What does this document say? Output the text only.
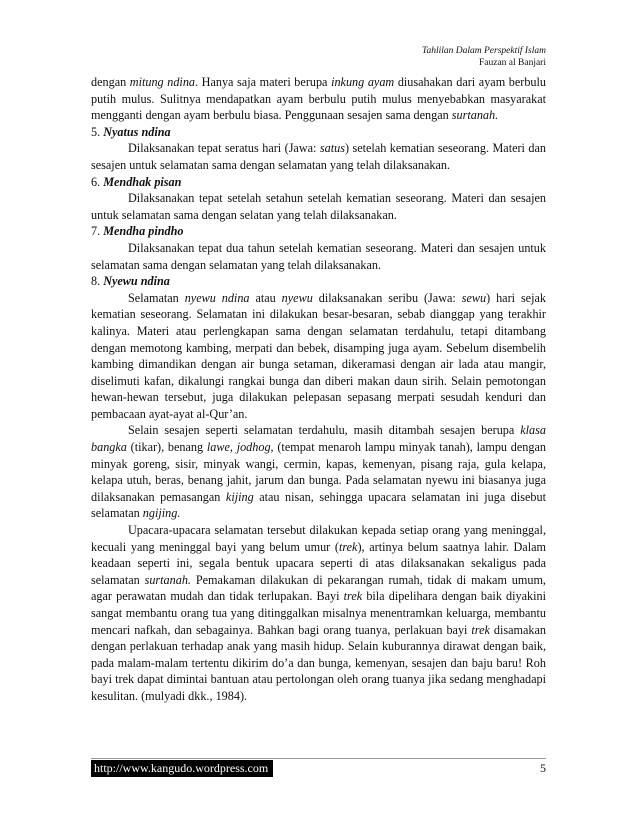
Tahlilan Dalam Perspektif Islam
Fauzan al Banjari

dengan mitung ndina. Hanya saja materi berupa inkung ayam diusahakan dari ayam berbulu putih mulus. Sulitnya mendapatkan ayam berbulu putih mulus menyebabkan masyarakat mengganti dengan ayam berbulu biasa. Penggunaan sesajen sama dengan surtanah.

5. Nyatus ndina

Dilaksanakan tepat seratus hari (Jawa: satus) setelah kematian seseorang. Materi dan sesajen untuk selamatan sama dengan selamatan yang telah dilaksanakan.

6. Mendhak pisan

Dilaksanakan tepat setelah setahun setelah kematian seseorang. Materi dan sesajen untuk selamatan sama dengan selatan yang telah dilaksanakan.

7. Mendha pindho

Dilaksanakan tepat dua tahun setelah kematian seseorang. Materi dan sesajen untuk selamatan sama dengan selamatan yang telah dilaksanakan.

8. Nyewu ndina

Selamatan nyewu ndina atau nyewu dilaksanakan seribu (Jawa: sewu) hari sejak kematian seseorang. Selamatan ini dilakukan besar-besaran, sebab dianggap yang terakhir kalinya. Materi atau perlengkapan sama dengan selamatan terdahulu, tetapi ditambang dengan memotong kambing, merpati dan bebek, disamping juga ayam. Sebelum disembelih kambing dimandikan dengan air bunga setaman, dikeramasi dengan air lada atau mangir, diselimuti kafan, dikalungi rangkai bunga dan diberi makan daun sirih. Selain pemotongan hewan-hewan tersebut, juga dilakukan pelepasan sepasang merpati sesudah kenduri dan pembacaan ayat-ayat al-Qur’an.

Selain sesajen seperti selamatan terdahulu, masih ditambah sesajen berupa klasa bangka (tikar), benang lawe, jodhog, (tempat menaroh lampu minyak tanah), lampu dengan minyak goreng, sisir, minyak wangi, cermin, kapas, kemenyan, pisang raja, gula kelapa, kelapa utuh, beras, benang jahit, jarum dan bunga. Pada selamatan nyewu ini biasanya juga dilaksanakan pemasangan kijing atau nisan, sehingga upacara selamatan ini juga disebut selamatan ngijing.

Upacara-upacara selamatan tersebut dilakukan kepada setiap orang yang meninggal, kecuali yang meninggal bayi yang belum umur (trek), artinya belum saatnya lahir. Dalam keadaan seperti ini, segala bentuk upacara seperti di atas dilaksanakan sekaligus pada selamatan surtanah. Pemakaman dilakukan di pekarangan rumah, tidak di makam umum, agar perawatan mudah dan tidak terlupakan. Bayi trek bila dipelihara dengan baik diyakini sangat membantu orang tua yang ditinggalkan misalnya menentramkan keluarga, membantu mencari nafkah, dan sebagainya. Bahkan bagi orang tuanya, perlakuan bayi trek disamakan dengan perlakuan terhadap anak yang masih hidup. Selain kuburannya dirawat dengan baik, pada malam-malam tertentu dikirim do’a dan bunga, kemenyan, sesajen dan baju baru! Roh bayi trek dapat dimintai bantuan atau pertolongan oleh orang tuanya jika sedang menghadapi kesulitan. (mulyadi dkk., 1984).

http://www.kangudo.wordpress.com	5
